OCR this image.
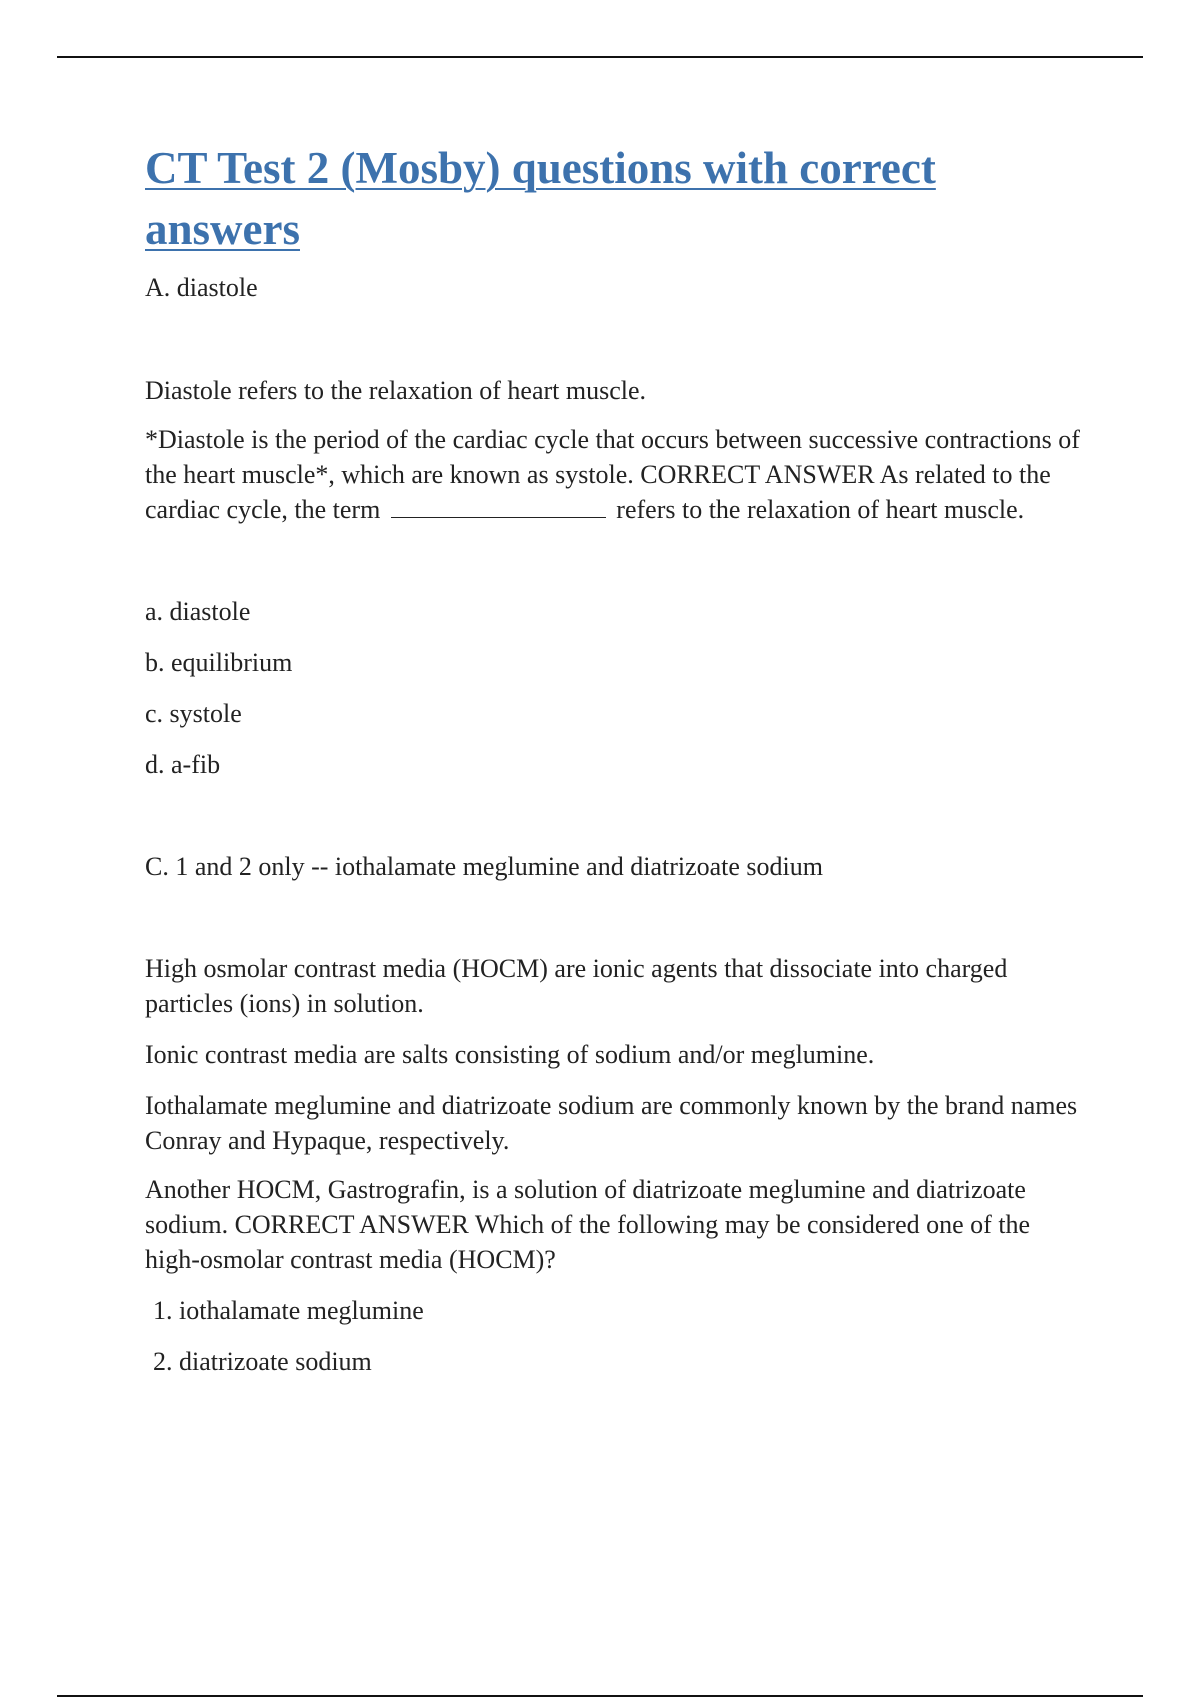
CT Test 2 (Mosby) questions with correct answers

A. diastole

Diastole refers to the relaxation of heart muscle.

*Diastole is the period of the cardiac cycle that occurs between successive contractions of the heart muscle*, which are known as systole. CORRECT ANSWER As related to the cardiac cycle, the term	refers to the relaxation of heart muscle.

a. diastole

b. equilibrium

c. systole

d. a-fib

C. 1 and 2 only -- iothalamate meglumine and diatrizoate sodium

High osmolar contrast media (HOCM) are ionic agents that dissociate into charged particles (ions) in solution.

Ionic contrast media are salts consisting of sodium and/or meglumine.

Iothalamate meglumine and diatrizoate sodium are commonly known by the brand names Conray and Hypaque, respectively.

Another HOCM, Gastrografin, is a solution of diatrizoate meglumine and diatrizoate sodium. CORRECT ANSWER Which of the following may be considered one of the high-osmolar contrast media (HOCM)?

1. iothalamate meglumine

2. diatrizoate sodium
